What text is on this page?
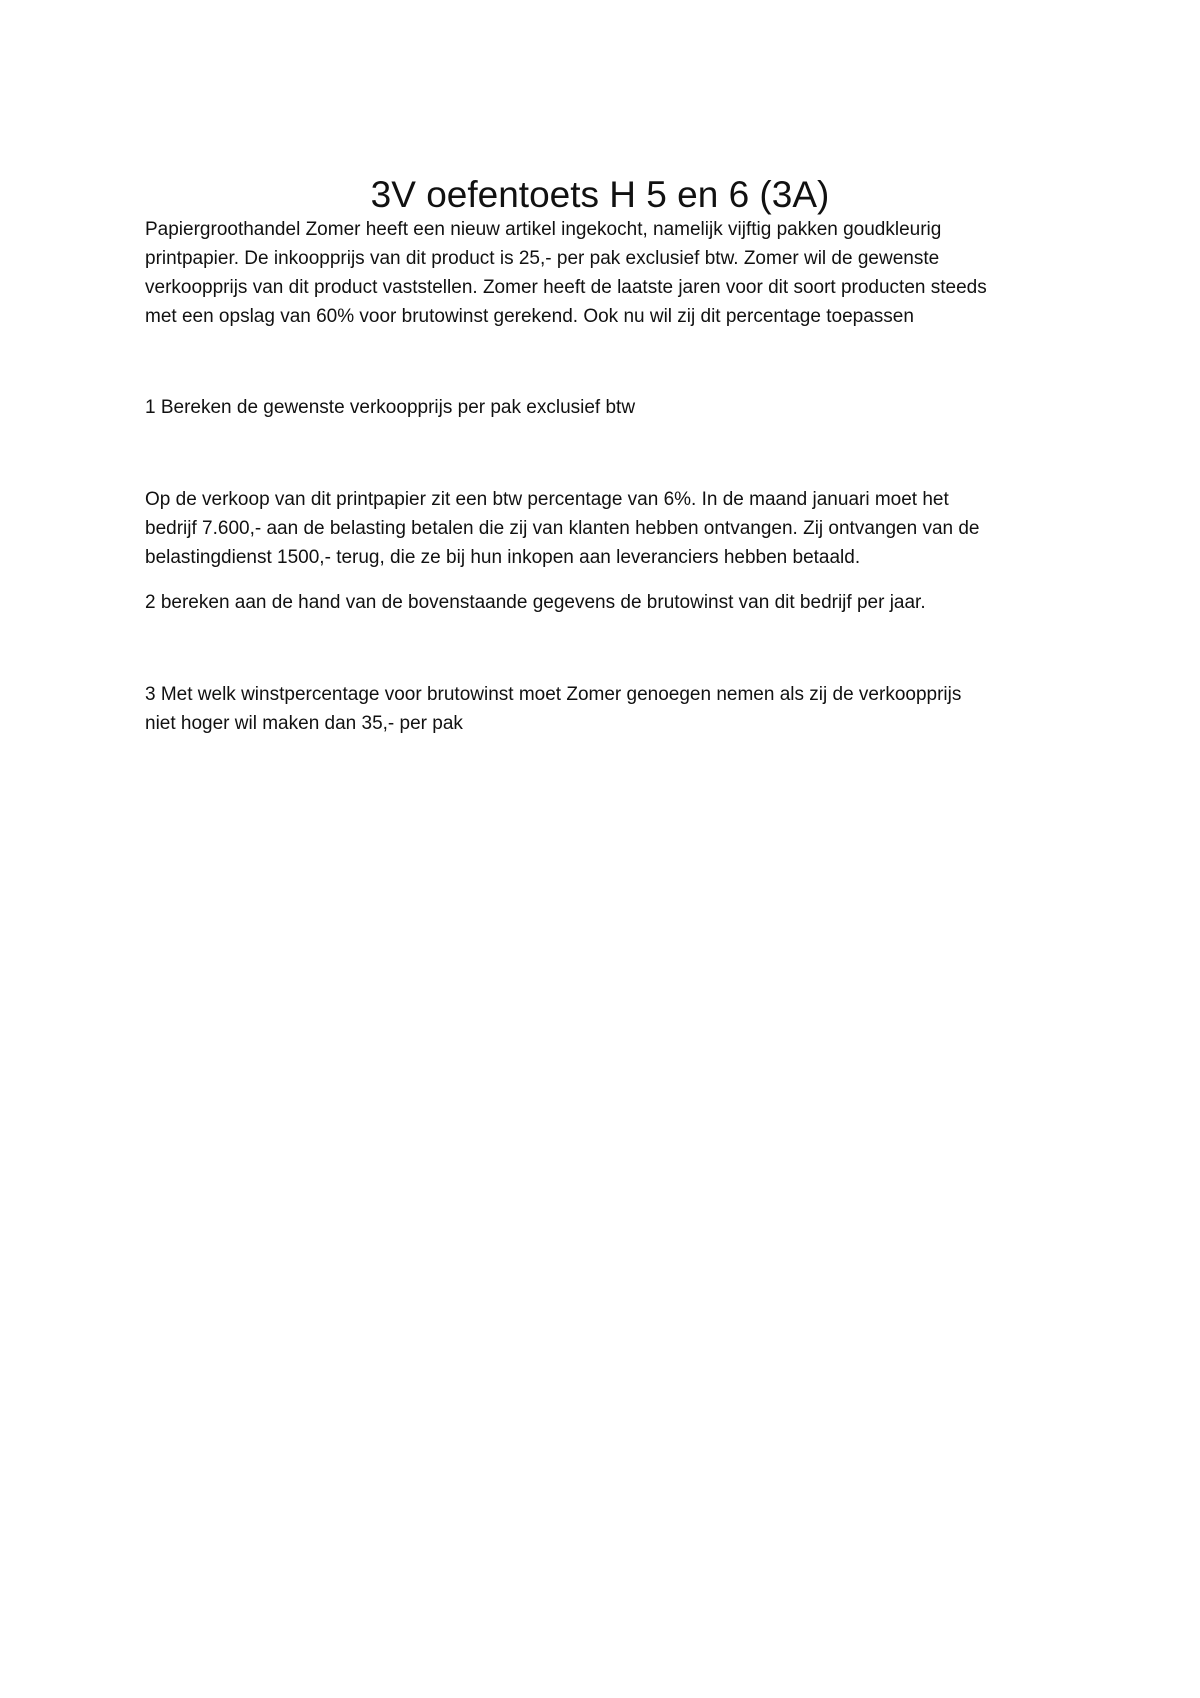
3V oefentoets H 5 en 6 (3A)
Papiergroothandel Zomer heeft een nieuw artikel ingekocht, namelijk vijftig pakken goudkleurig
printpapier. De inkoopprijs van dit product is 25,- per pak exclusief btw. Zomer wil de gewenste
verkoopprijs van dit product vaststellen. Zomer heeft de laatste jaren voor dit soort producten steeds
met een opslag van 60% voor brutowinst gerekend. Ook nu wil zij dit percentage toepassen
1 Bereken de gewenste verkoopprijs per pak exclusief btw
Op de verkoop van dit printpapier zit een btw percentage van 6%. In de maand januari moet het
bedrijf 7.600,- aan de belasting betalen die zij van klanten hebben ontvangen. Zij ontvangen van de
belastingdienst 1500,- terug, die ze bij hun inkopen aan leveranciers hebben betaald.
2 bereken aan de hand van de bovenstaande gegevens de brutowinst van dit bedrijf per jaar.
3 Met welk winstpercentage voor brutowinst moet Zomer genoegen nemen als zij de verkoopprijs
niet hoger wil maken dan 35,- per pak
